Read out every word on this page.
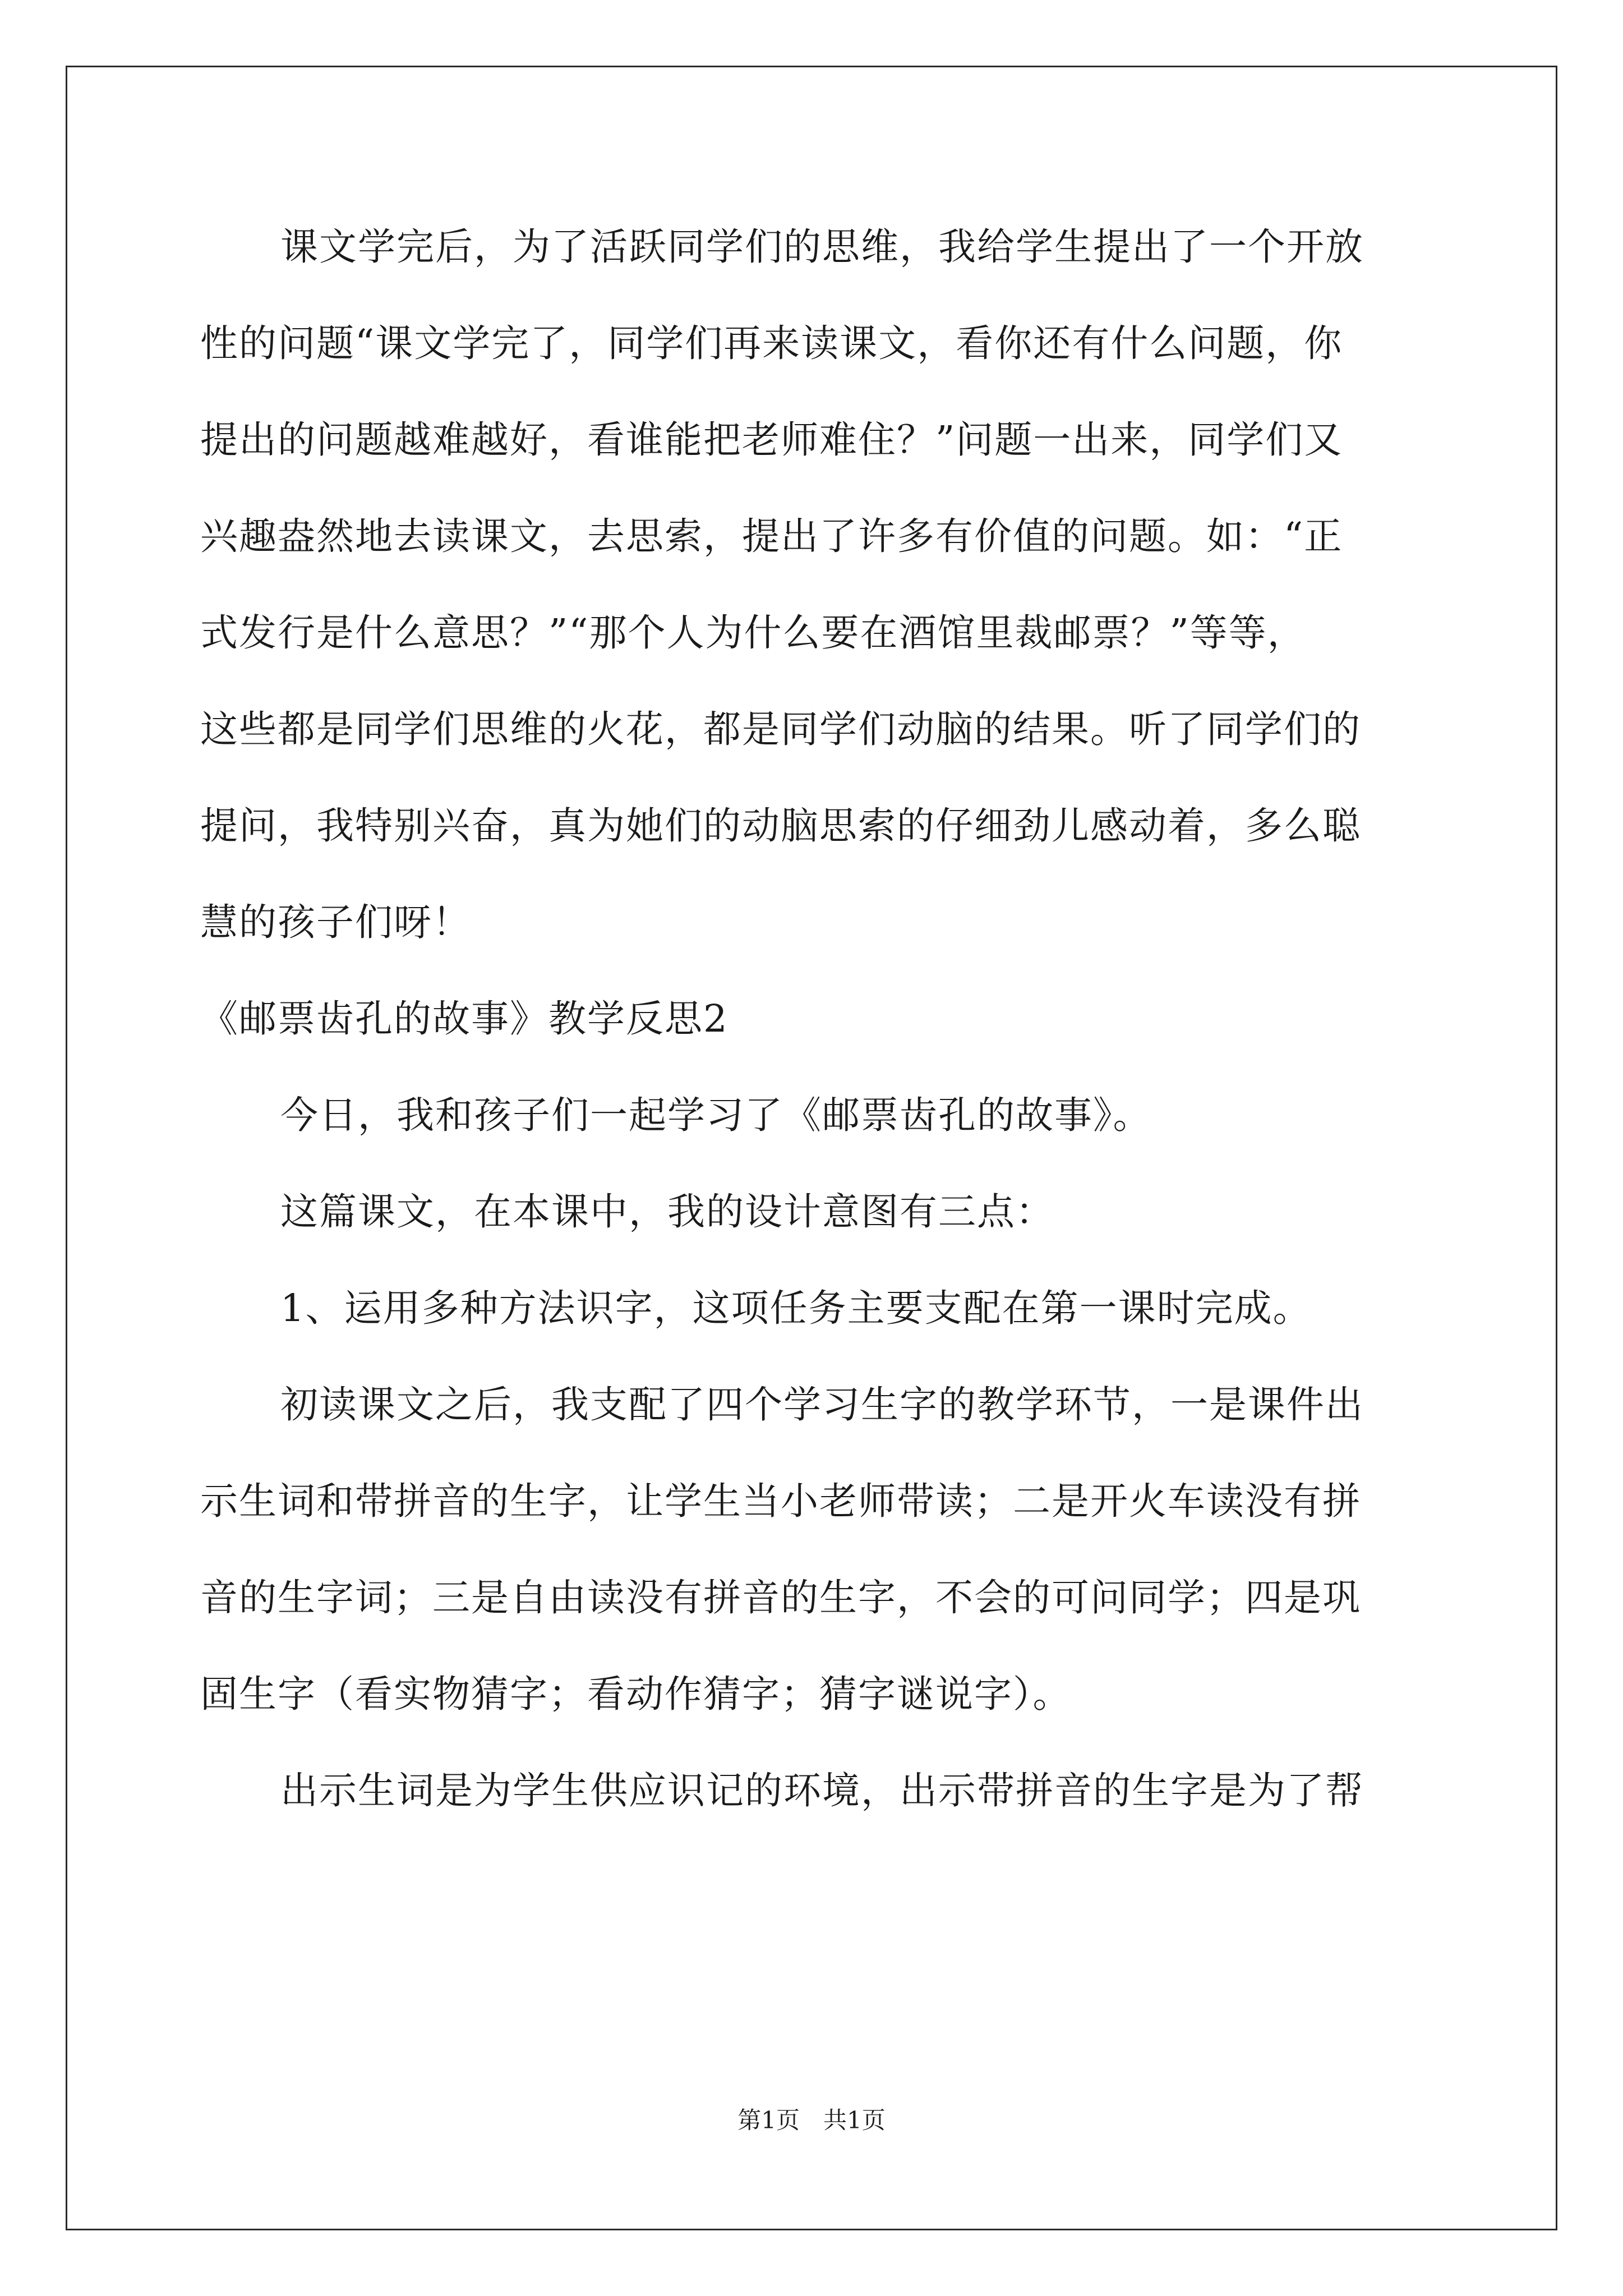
课文学完后，为了活跃同学们的思维，我给学生提出了一个开放
性的问题“课文学完了，同学们再来读课文，看你还有什么问题，你
提出的问题越难越好，看谁能把老师难住？”问题一出来，同学们又
兴趣盎然地去读课文，去思索，提出了许多有价值的问题。如：“正
式发行是什么意思？”“那个人为什么要在酒馆里裁邮票？”等等，
这些都是同学们思维的火花，都是同学们动脑的结果。听了同学们的
提问，我特别兴奋，真为她们的动脑思索的仔细劲儿感动着，多么聪
慧的孩子们呀！
《邮票齿孔的故事》教学反思2
今日，我和孩子们一起学习了《邮票齿孔的故事》。
这篇课文，在本课中，我的设计意图有三点：
1、运用多种方法识字，这项任务主要支配在第一课时完成。
初读课文之后，我支配了四个学习生字的教学环节，一是课件出
示生词和带拼音的生字，让学生当小老师带读；二是开火车读没有拼
音的生字词；三是自由读没有拼音的生字，不会的可问同学；四是巩
固生字（看实物猜字；看动作猜字；猜字谜说字）。
出示生词是为学生供应识记的环境，出示带拼音的生字是为了帮
第1页　共1页
